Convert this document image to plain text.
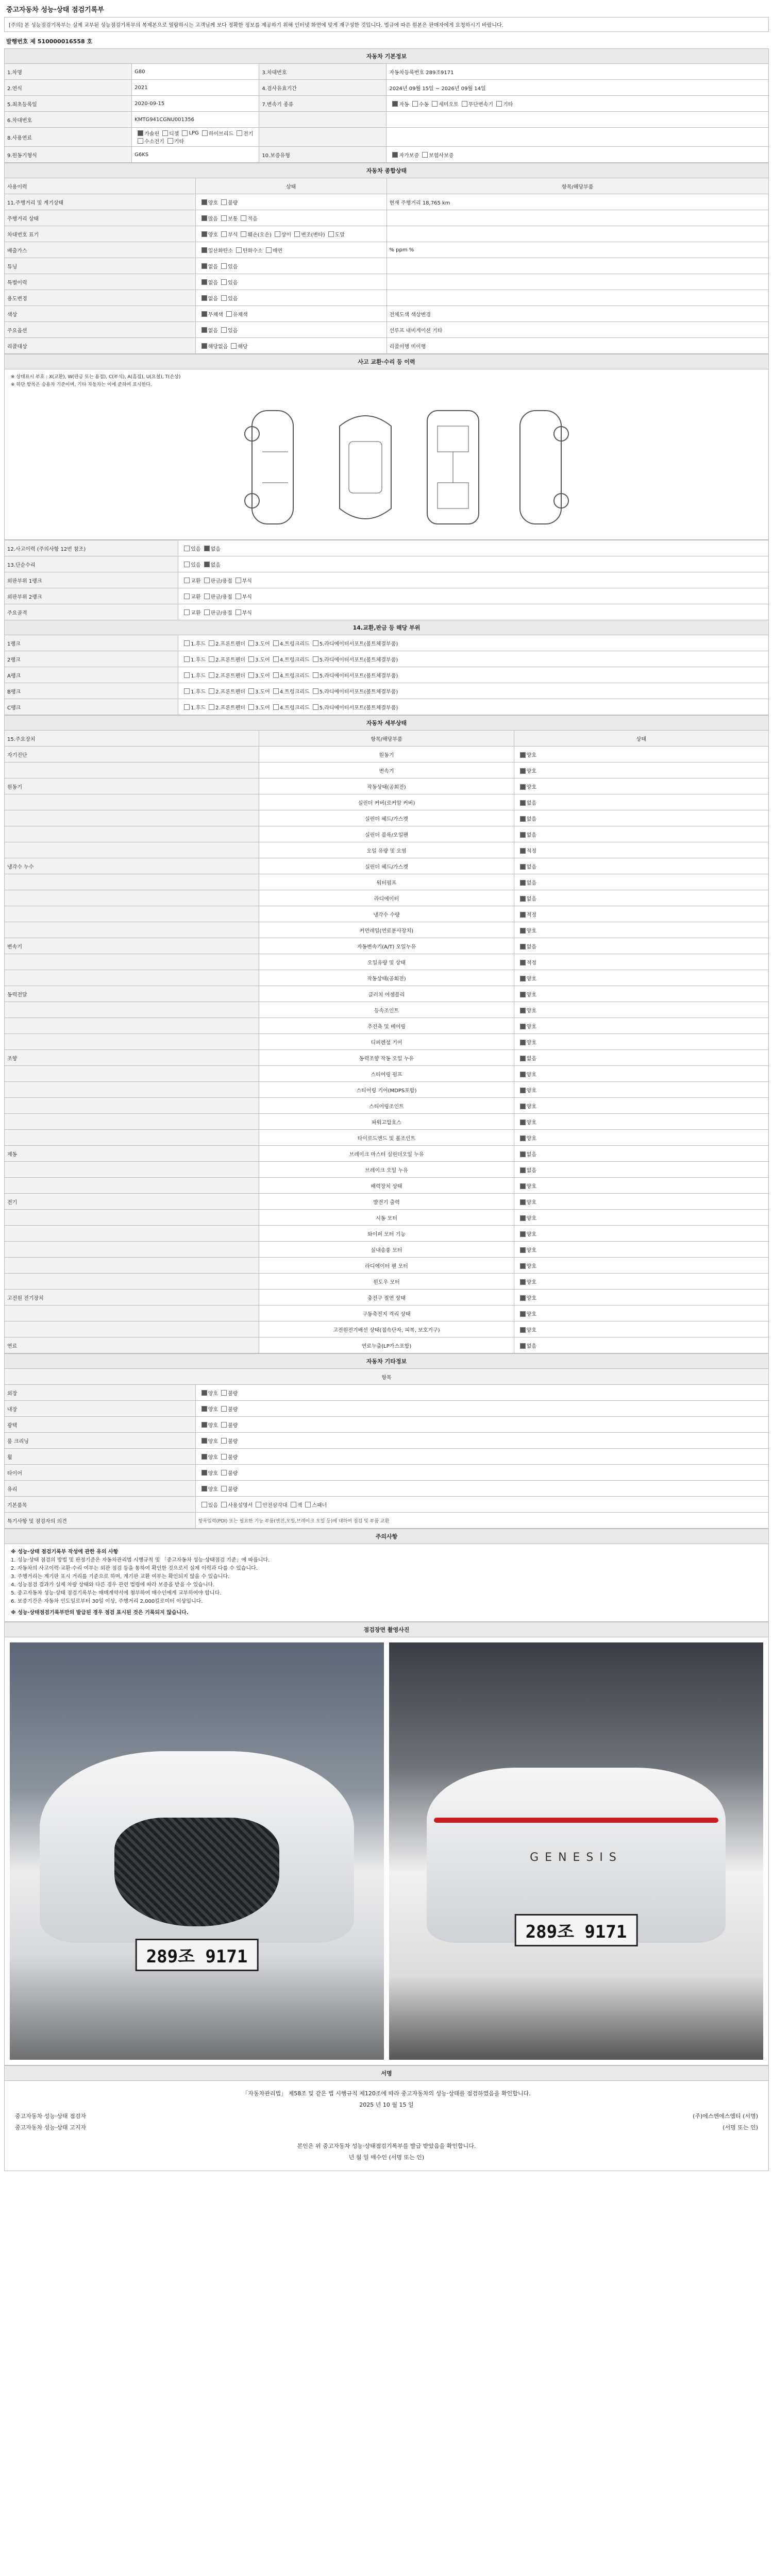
중고자동차 성능·상태 점검기록부
[주의] 본 성능점검기록부는 실제 교부된 성능점검기록부의 복제본으로 열람하시는 고객님께 보다 정확한 정보를 제공하기 위해 인터넷 화면에 맞게 재구성한 것입니다. 법규에 따른 원본은 판매자에게 요청하시기 바랍니다.
발행번호 제 510000016558 호
자동차 기본정보			
1.차명	G80	3.차대번호	자동차등록번호 289조9171
2.연식	2021	4.검사유효기간	2024년 09월 15일 ~ 2026년 09월 14일
5.최초등록일	2020-09-15	7.변속기 종류	자동 수동 세미오토 무단변속기 기타
6.차대번호	KMTG941CGNU001356		
8.사용연료	가솔린 디젤 LPG 하이브리드 전기수소전기 기타		
9.원동기형식	G6KS	10.보증유형	자가보증 보험사보증
자동차 종합상태		
사용이력	상태	항목/해당부품
11.주행거리 및 계기상태	양호 불량	현재 주행거리 18,765 km
주행거리 상태	많음 보통 적음	
차대번호 표기	양호 부식 훼손(오손) 상이 변조(변타) 도말	
배출가스	일산화탄소 탄화수소 매연	% ppm %
튜닝	없음 있음	
특별이력	없음 있음	
용도변경	없음 있음	
색상	무채색 유채색	전체도색 색상변경
주요옵션	없음 있음	선루프 내비게이션 기타
리콜대상	해당없음 해당	리콜이행 미이행
사고 교환·수리 등 이력
※ 상태표시 부호 : X(교환), W(판금 또는 용접), C(부식), A(흠집), U(요철), T(손상)
※ 하단 항목은 승용차 기준이며, 기타 자동차는 이에 준하여 표시한다.
12.사고이력 (주의사항 12번 참조)	있음 없음
13.단순수리	있음 없음
외판부위 1랭크	교환 판금/용접 부식
외판부위 2랭크	교환 판금/용접 부식
주요골격	교환 판금/용접 부식
14.교환,판금 등 해당 부위	
1랭크	1.후드 2.프론트펜더 3.도어 4.트렁크리드 5.라디에이터서포트(볼트체결부품)
2랭크	1.후드 2.프론트펜더 3.도어 4.트렁크리드 5.라디에이터서포트(볼트체결부품)
A랭크	1.후드 2.프론트펜더 3.도어 4.트렁크리드 5.라디에이터서포트(볼트체결부품)
B랭크	1.후드 2.프론트펜더 3.도어 4.트렁크리드 5.라디에이터서포트(볼트체결부품)
C랭크	1.후드 2.프론트펜더 3.도어 4.트렁크리드 5.라디에이터서포트(볼트체결부품)
자동차 세부상태		
15.주요장치	항목/해당부품	상태
자기진단	원동기	양호
	변속기	양호
원동기	작동상태(공회전)	양호
	실린더 커버(로커암 커버)	없음
	실린더 헤드/가스켓	없음
	실린더 블록/오일팬	없음
	오일 유량 및 오염	적정
냉각수 누수	실린더 헤드/가스켓	없음
	워터펌프	없음
	라디에이터	없음
	냉각수 수량	적정
	커먼레일(연료분사장치)	양호
변속기	자동변속기(A/T) 오일누유	없음
	오일유량 및 상태	적정
	작동상태(공회전)	양호
동력전달	클러치 어셈블리	양호
	등속조인트	양호
	추진축 및 베어링	양호
	디퍼렌셜 기어	양호
조향	동력조향 작동 오일 누유	없음
	스티어링 펌프	양호
	스티어링 기어(MDPS포함)	양호
	스티어링조인트	양호
	파워고압호스	양호
	타이로드엔드 및 볼조인트	양호
제동	브레이크 마스터 실린더오일 누유	없음
	브레이크 오일 누유	없음
	배력장치 상태	양호
전기	발전기 출력	양호
	시동 모터	양호
	와이퍼 모터 기능	양호
	실내송풍 모터	양호
	라디에이터 팬 모터	양호
	윈도우 모터	양호
고전원 전기장치	충전구 절연 상태	양호
	구동축전지 격리 상태	양호
	고전원전기배선 상태(접속단자, 피복, 보호기구)	양호
연료	연료누출(LP가스포함)	없음
자동차 기타정보	
항목	
외장	양호 불량
내장	양호 불량
광택	양호 불량
룸 크리닝	양호 불량
휠	양호 불량
타이어	양호 불량
유리	양호 불량
기본품목	있음 사용설명서 안전삼각대 잭 스패너
특기사항 및 점검자의 의견	항목입력(PDI) 또는 필요한 기능 부품(엔진,오일,브레이크 오일 등)에 대하여 점검 및 부품 교환
주의사항
※ 성능·상태 점검기록부 작성에 관한 유의 사항
1. 성능·상태 점검의 방법 및 판정기준은 자동차관리법 시행규칙 및 「중고자동차 성능·상태점검 기준」에 따릅니다.
2. 자동차의 사고이력·교환·수리 여부는 외관 점검 등을 통하여 확인한 것으로서 실제 이력과 다를 수 있습니다.
3. 주행거리는 계기판 표시 거리를 기준으로 하며, 계기판 교환 여부는 확인되지 않을 수 있습니다.
4. 성능점검 결과가 실제 차량 상태와 다른 경우 관련 법령에 따라 보증을 받을 수 있습니다.
5. 중고자동차 성능·상태 점검기록부는 매매계약서에 첨부하여 매수인에게 교부하여야 합니다.
6. 보증기간은 자동차 인도일로부터 30일 이상, 주행거리 2,000킬로미터 이상입니다.
※ 성능·상태점검기록부만의 발급된 경우 점검 표시된 것은 기록되지 않습니다.
점검장면 촬영사진
289조 9171
GENESIS
289조 9171
서명
「자동차관리법」 제58조 및 같은 법 시행규칙 제120조에 따라 중고자동차의 성능·상태를 점검하였음을 확인합니다.
2025 년 10 월 15 일
중고자동차 성능·상태 점검자	(주)에스엔에스엠티 (서명)
중고자동차 성능·상태 고지자	(서명 또는 인)
본인은 위 중고자동차 성능·상태점검기록부를 발급 받았음을 확인합니다.
년 월 일 매수인 (서명 또는 인)
